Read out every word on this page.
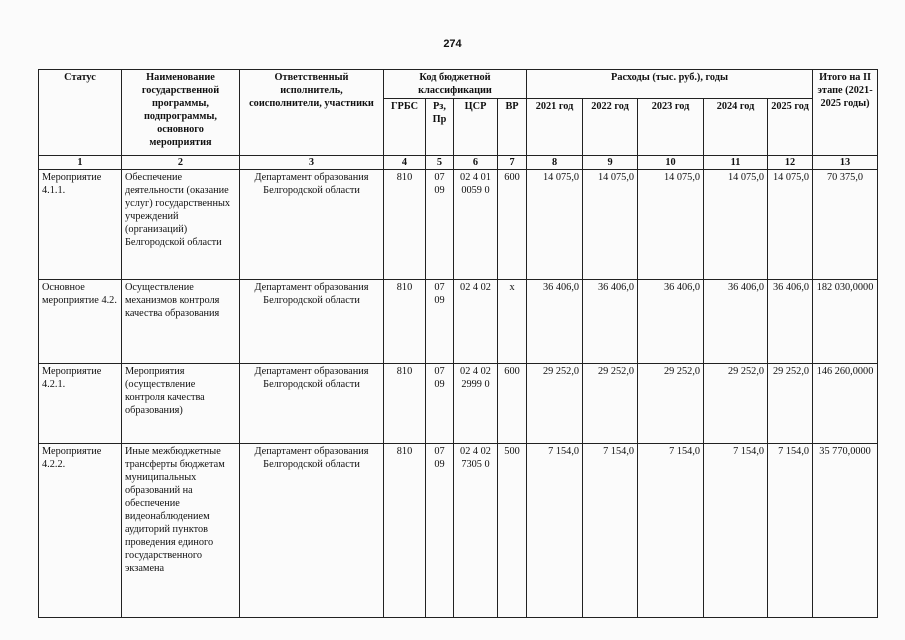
274
Статус	Наименование государственной программы, подпрограммы, основного мероприятия	Ответственный исполнитель, соисполнители, участники	Код бюджетной классификации				Расходы (тыс. руб.), годы					Итого на II этапе (2021-2025 годы)
			ГРБС	Рз, Пр	ЦСР	ВР	2021 год	2022 год	2023 год	2024 год	2025 год	
1	2	3	4	5	6	7	8	9	10	11	12	13
Мероприятие 4.1.1.	Обеспечение деятельности (оказание услуг) государственных учреждений (организаций) Белгородской области	Департамент образования Белгородской области	810	07 09	02 4 01 0059 0	600	14 075,0	14 075,0	14 075,0	14 075,0	14 075,0	70 375,0
Основное мероприятие 4.2.	Осуществление механизмов контроля качества образования	Департамент образования Белгородской области	810	07 09	02 4 02	х	36 406,0	36 406,0	36 406,0	36 406,0	36 406,0	182 030,0000
Мероприятие 4.2.1.	Мероприятия (осуществление контроля качества образования)	Департамент образования Белгородской области	810	07 09	02 4 02 2999 0	600	29 252,0	29 252,0	29 252,0	29 252,0	29 252,0	146 260,0000
Мероприятие 4.2.2.	Иные межбюджетные трансферты бюджетам муниципальных образований на обеспечение видеонаблюдением аудиторий пунктов проведения единого государственного экзамена	Департамент образования Белгородской области	810	07 09	02 4 02 7305 0	500	7 154,0	7 154,0	7 154,0	7 154,0	7 154,0	35 770,0000
